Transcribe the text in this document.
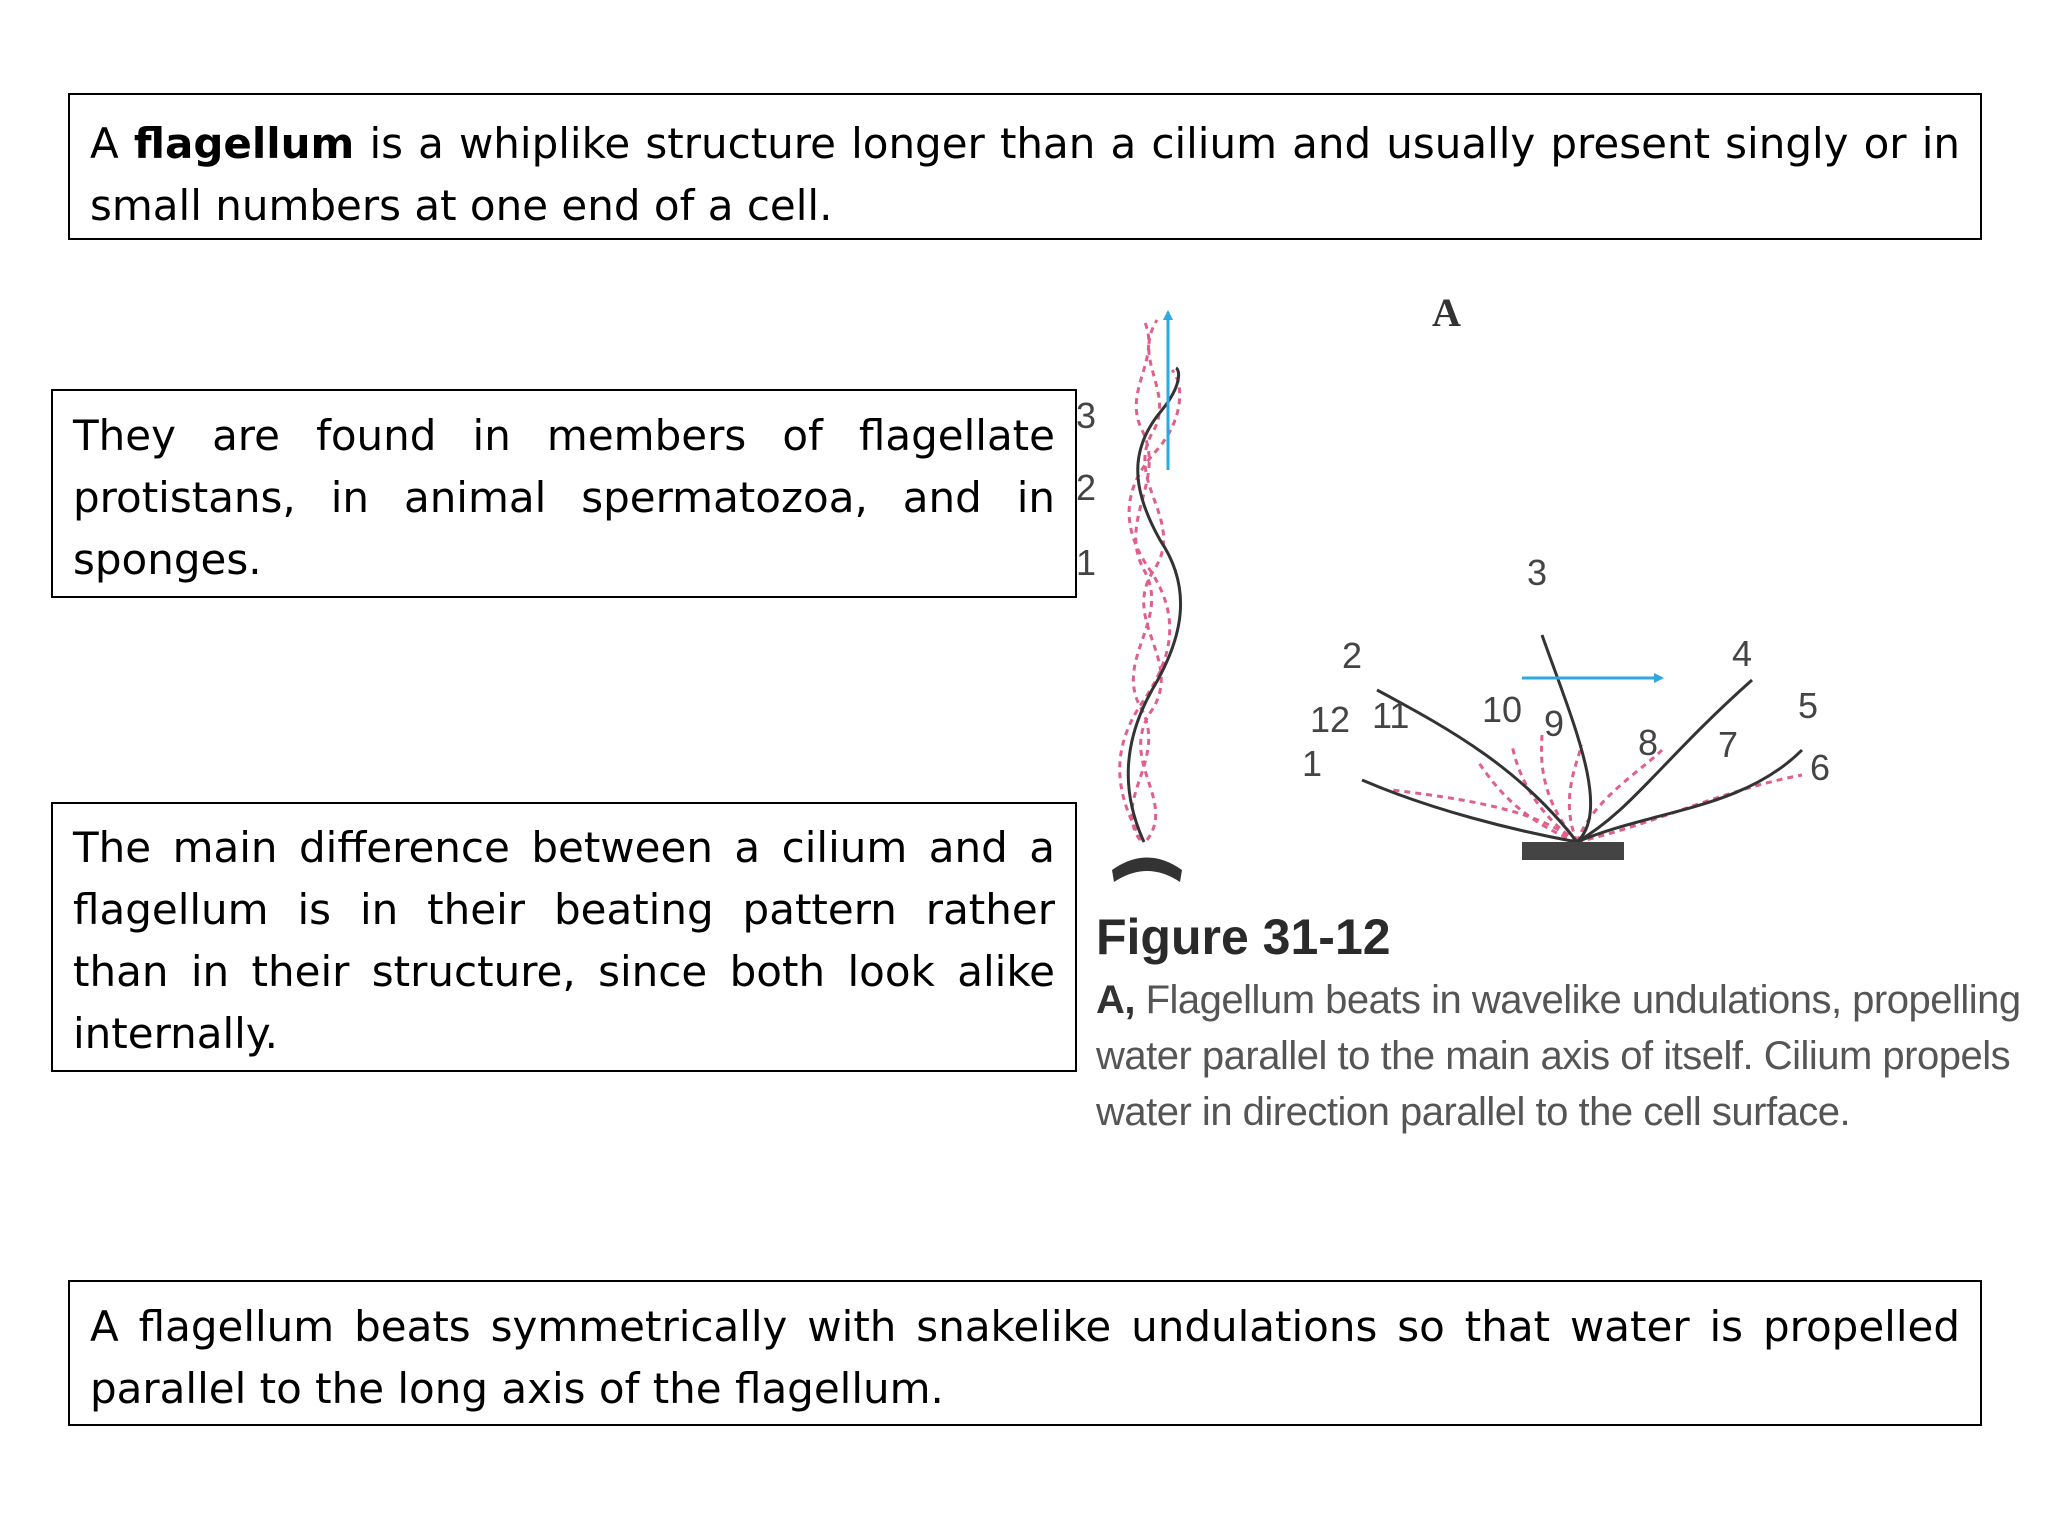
A flagellum is a whiplike structure longer than a cilium and usually present singly or in small numbers at one end of a cell.
They are found in members of flagellate protistans, in animal spermatozoa, and in sponges.
The main difference between a cilium and a flagellum is in their beating pattern rather than in their structure, since both look alike internally.
A flagellum beats symmetrically with snakelike undulations so that water is propelled parallel to the long axis of the flagellum.
A
3
2
1
1
2
3
4
5
6
7
8
9
10
11
12
Figure 31-12
A, Flagellum beats in wavelike undulations, propelling water parallel to the main axis of itself. Cilium propels water in direction parallel to the cell surface.
